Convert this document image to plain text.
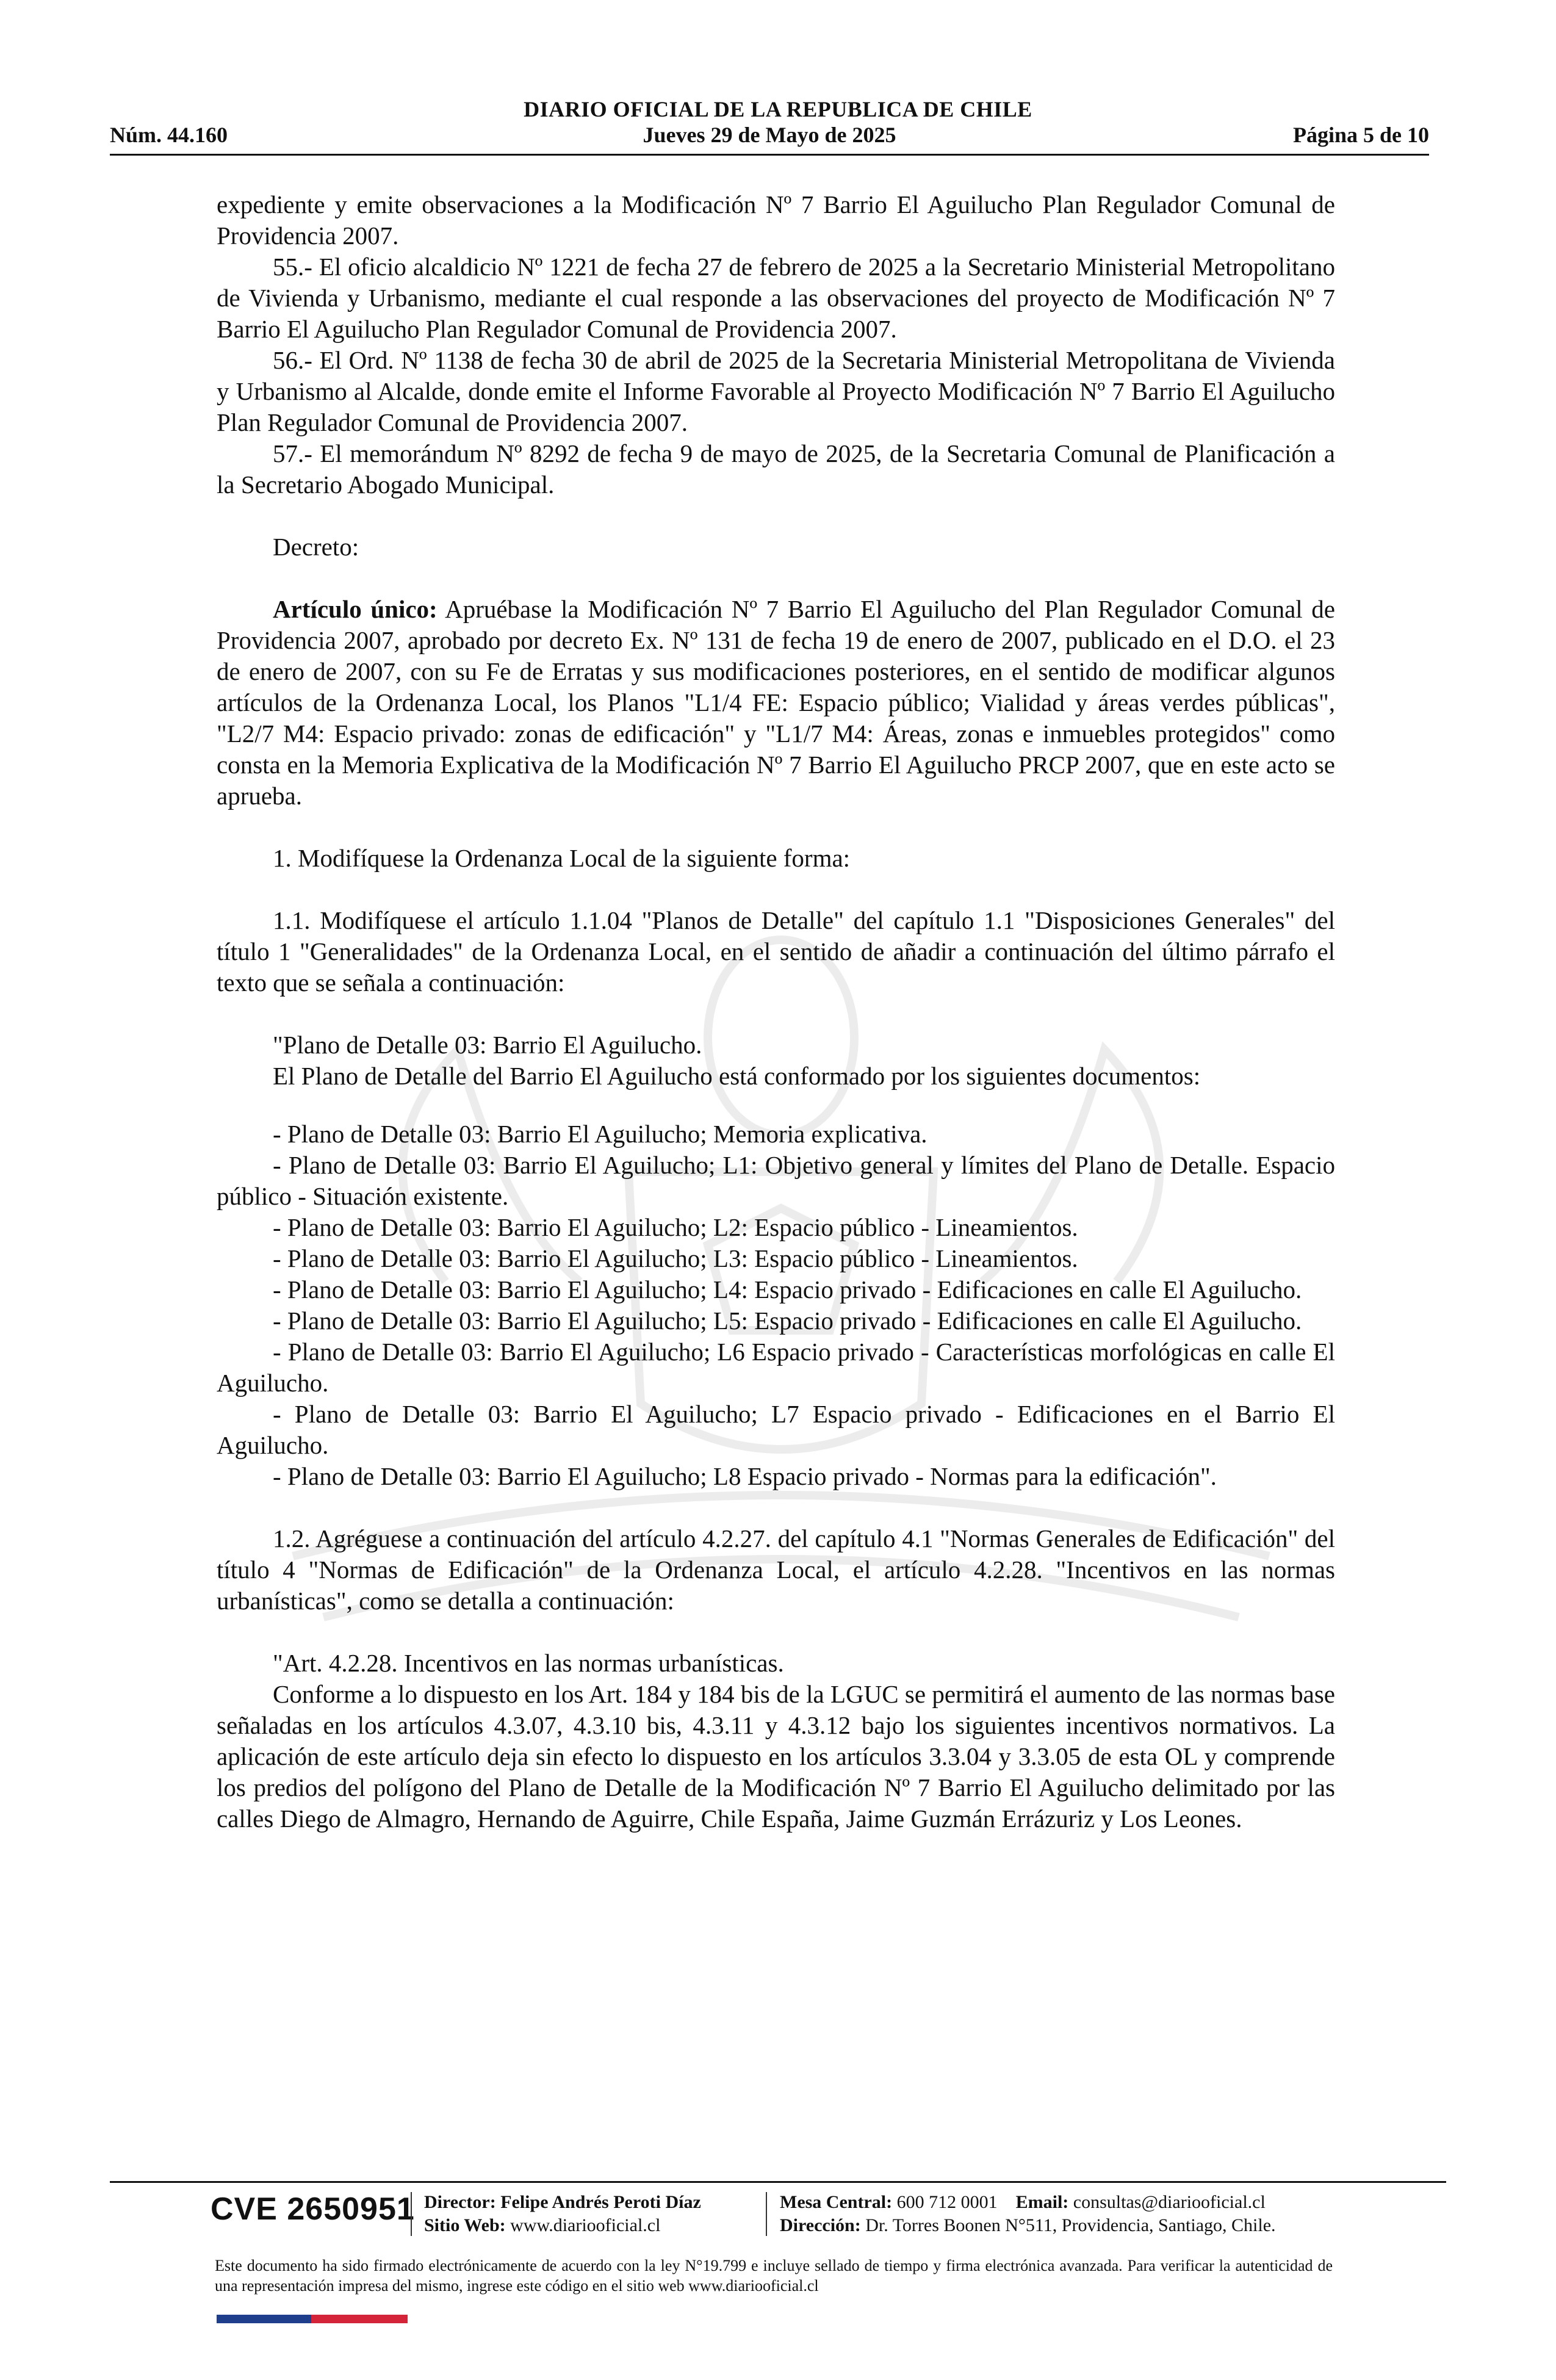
DIARIO OFICIAL DE LA REPUBLICA DE CHILE
Jueves 29 de Mayo de 2025
Núm. 44.160	Página 5 de 10

expediente y emite observaciones a la Modificación Nº 7 Barrio El Aguilucho Plan Regulador Comunal de Providencia 2007.

55.- El oficio alcaldicio Nº 1221 de fecha 27 de febrero de 2025 a la Secretario Ministerial Metropolitano de Vivienda y Urbanismo, mediante el cual responde a las observaciones del proyecto de Modificación Nº 7 Barrio El Aguilucho Plan Regulador Comunal de Providencia 2007.

56.- El Ord. Nº 1138 de fecha 30 de abril de 2025 de la Secretaria Ministerial Metropolitana de Vivienda y Urbanismo al Alcalde, donde emite el Informe Favorable al Proyecto Modificación Nº 7 Barrio El Aguilucho Plan Regulador Comunal de Providencia 2007.

57.- El memorándum Nº 8292 de fecha 9 de mayo de 2025, de la Secretaria Comunal de Planificación a la Secretario Abogado Municipal.

Decreto:

Artículo único: Apruébase la Modificación Nº 7 Barrio El Aguilucho del Plan Regulador Comunal de Providencia 2007, aprobado por decreto Ex. Nº 131 de fecha 19 de enero de 2007, publicado en el D.O. el 23 de enero de 2007, con su Fe de Erratas y sus modificaciones posteriores, en el sentido de modificar algunos artículos de la Ordenanza Local, los Planos "L1/4 FE: Espacio público; Vialidad y áreas verdes públicas", "L2/7 M4: Espacio privado: zonas de edificación" y "L1/7 M4: Áreas, zonas e inmuebles protegidos" como consta en la Memoria Explicativa de la Modificación Nº 7 Barrio El Aguilucho PRCP 2007, que en este acto se aprueba.

1. Modifíquese la Ordenanza Local de la siguiente forma:

1.1. Modifíquese el artículo 1.1.04 "Planos de Detalle" del capítulo 1.1 "Disposiciones Generales" del título 1 "Generalidades" de la Ordenanza Local, en el sentido de añadir a continuación del último párrafo el texto que se señala a continuación:

"Plano de Detalle 03: Barrio El Aguilucho.

El Plano de Detalle del Barrio El Aguilucho está conformado por los siguientes documentos:

- Plano de Detalle 03: Barrio El Aguilucho; Memoria explicativa.

- Plano de Detalle 03: Barrio El Aguilucho; L1: Objetivo general y límites del Plano de Detalle. Espacio público - Situación existente.

- Plano de Detalle 03: Barrio El Aguilucho; L2: Espacio público - Lineamientos.

- Plano de Detalle 03: Barrio El Aguilucho; L3: Espacio público - Lineamientos.

- Plano de Detalle 03: Barrio El Aguilucho; L4: Espacio privado - Edificaciones en calle El Aguilucho.

- Plano de Detalle 03: Barrio El Aguilucho; L5: Espacio privado - Edificaciones en calle El Aguilucho.

- Plano de Detalle 03: Barrio El Aguilucho; L6 Espacio privado - Características morfológicas en calle El Aguilucho.

- Plano de Detalle 03: Barrio El Aguilucho; L7 Espacio privado - Edificaciones en el Barrio El Aguilucho.

- Plano de Detalle 03: Barrio El Aguilucho; L8 Espacio privado - Normas para la edificación".

1.2. Agréguese a continuación del artículo 4.2.27. del capítulo 4.1 "Normas Generales de Edificación" del título 4 "Normas de Edificación" de la Ordenanza Local, el artículo 4.2.28. "Incentivos en las normas urbanísticas", como se detalla a continuación:

"Art. 4.2.28. Incentivos en las normas urbanísticas.

Conforme a lo dispuesto en los Art. 184 y 184 bis de la LGUC se permitirá el aumento de las normas base señaladas en los artículos 4.3.07, 4.3.10 bis, 4.3.11 y 4.3.12 bajo los siguientes incentivos normativos. La aplicación de este artículo deja sin efecto lo dispuesto en los artículos 3.3.04 y 3.3.05 de esta OL y comprende los predios del polígono del Plano de Detalle de la Modificación Nº 7 Barrio El Aguilucho delimitado por las calles Diego de Almagro, Hernando de Aguirre, Chile España, Jaime Guzmán Errázuriz y Los Leones.

CVE 2650951 Director: Felipe Andrés Peroti Díaz
Sitio Web: www.diariooficial.cl
Mesa Central: 600 712 0001 Email: consultas@diariooficial.cl
Dirección: Dr. Torres Boonen N°511, Providencia, Santiago, Chile.
Este documento ha sido firmado electrónicamente de acuerdo con la ley N°19.799 e incluye sellado de tiempo y firma electrónica avanzada. Para verificar la autenticidad de una representación impresa del mismo, ingrese este código en el sitio web www.diariooficial.cl
